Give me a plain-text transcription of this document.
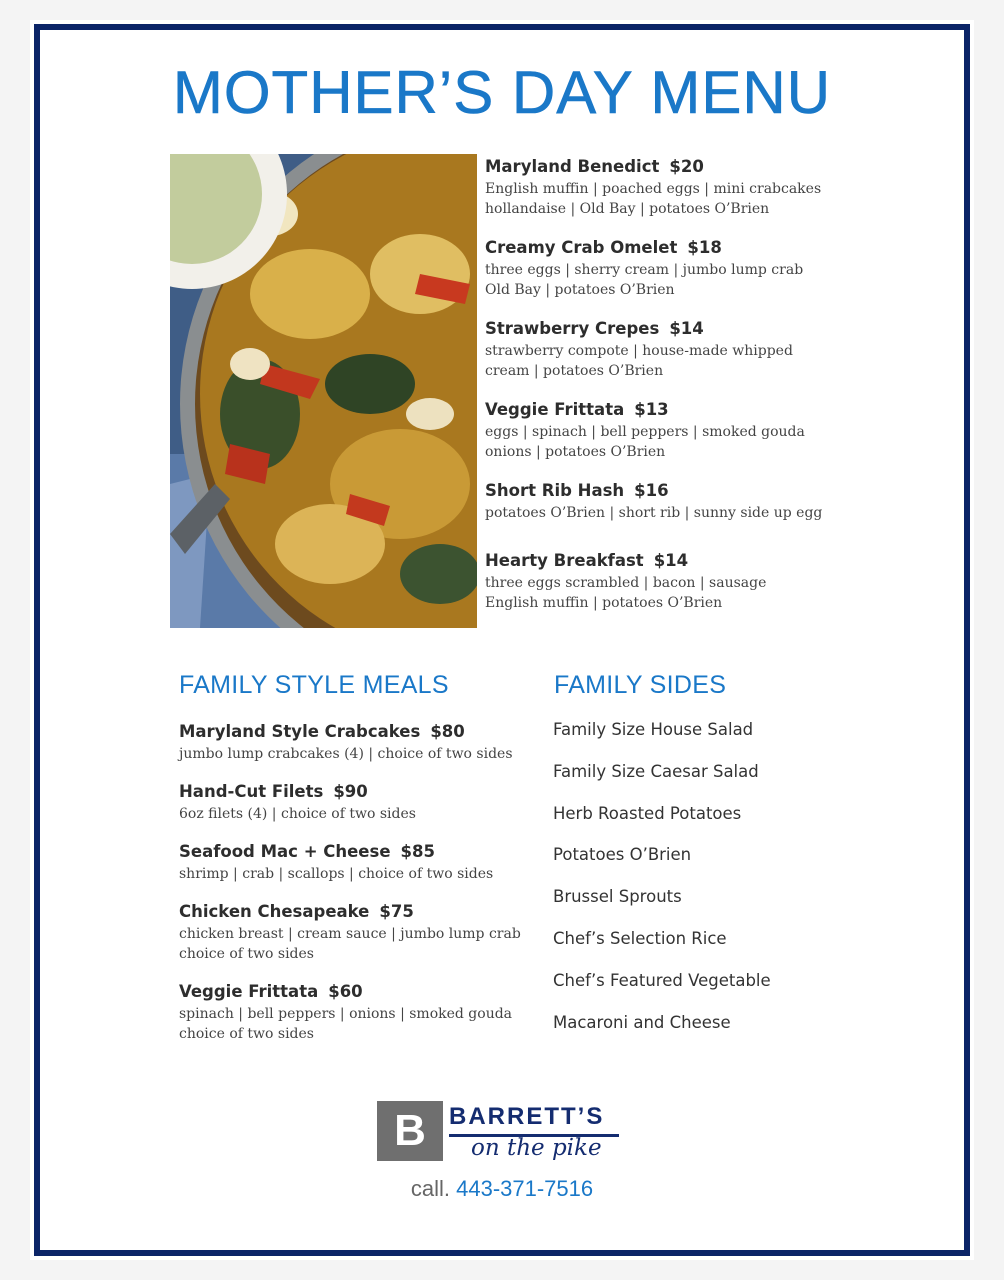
MOTHER’S DAY MENU
Maryland Benedict $20
English muffin | poached eggs | mini crabcakes
hollandaise | Old Bay | potatoes O’Brien
Creamy Crab Omelet $18
three eggs | sherry cream | jumbo lump crab
Old Bay | potatoes O’Brien
Strawberry Crepes $14
strawberry compote | house-made whipped
cream | potatoes O’Brien
Veggie Frittata $13
eggs | spinach | bell peppers | smoked gouda
onions | potatoes O’Brien
Short Rib Hash $16
potatoes O’Brien | short rib | sunny side up egg
Hearty Breakfast $14
three eggs scrambled | bacon | sausage
English muffin | potatoes O’Brien
FAMILY STYLE MEALS	FAMILY SIDES
Maryland Style Crabcakes $80
jumbo lump crabcakes (4) | choice of two sides
Hand-Cut Filets $90
6oz filets (4) | choice of two sides
Seafood Mac + Cheese $85
shrimp | crab | scallops | choice of two sides
Chicken Chesapeake $75
chicken breast | cream sauce | jumbo lump crab
choice of two sides
Veggie Frittata $60
spinach | bell peppers | onions | smoked gouda
choice of two sides
Family Size House Salad
Family Size Caesar Salad
Herb Roasted Potatoes
Potatoes O’Brien
Brussel Sprouts
Chef’s Selection Rice
Chef’s Featured Vegetable
Macaroni and Cheese
B BARRETT’S
on the pike
call. 443-371-7516
